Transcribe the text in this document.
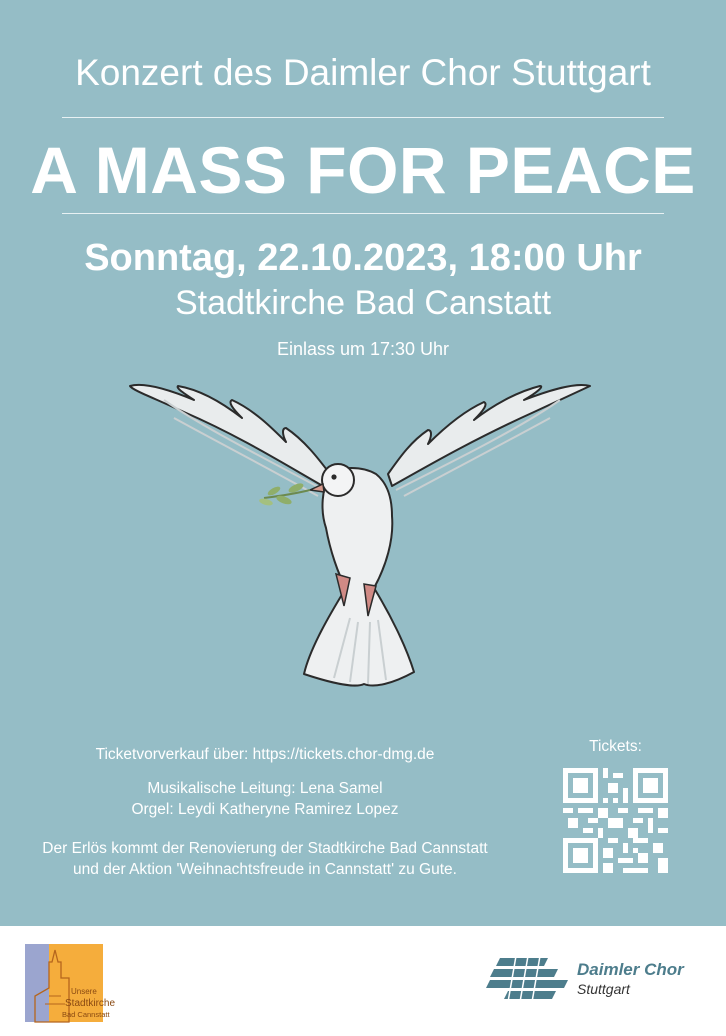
Konzert des Daimler Chor Stuttgart
A MASS FOR PEACE
Sonntag, 22.10.2023, 18:00 Uhr
Stadtkirche Bad Canstatt
Einlass um 17:30 Uhr
Ticketvorverkauf über: https://tickets.chor-dmg.de
Musikalische Leitung: Lena Samel
Orgel: Leydi Katheryne Ramirez Lopez
Der Erlös kommt der Renovierung der Stadtkirche Bad Cannstatt
und der Aktion 'Weihnachtsfreude in Cannstatt' zu Gute.
Tickets:
Unsere
Stadtkirche
Bad Cannstatt
Daimler Chor
Stuttgart
